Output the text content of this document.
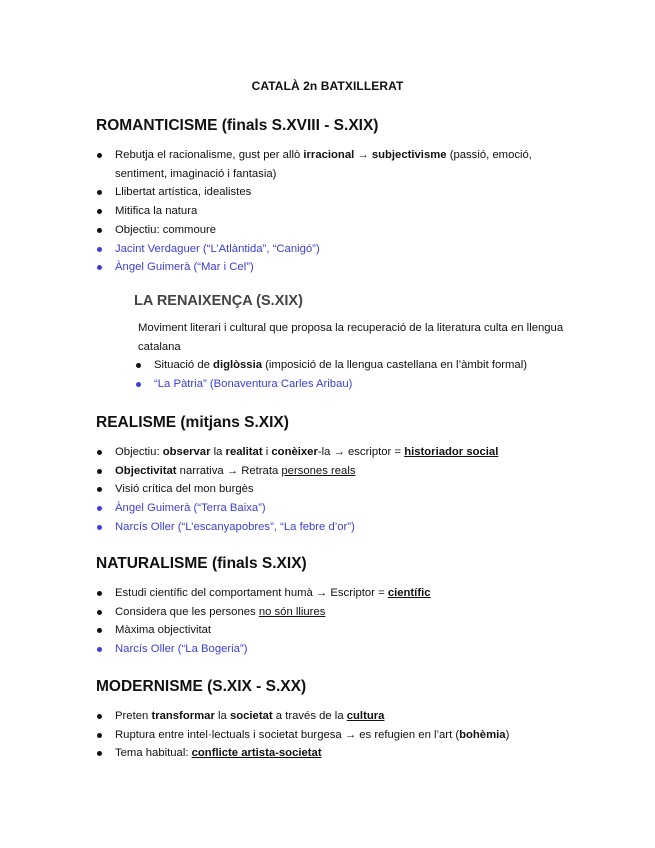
CATALÀ 2n BATXILLERAT
ROMANTICISME (finals S.XVIII - S.XIX)
Rebutja el racionalisme, gust per allò irracional → subjectivisme (passió, emoció, sentiment, imaginació i fantasia)
Llibertat artística, idealistes
Mitifica la natura
Objectiu: commoure
Jacint Verdaguer (“L’Atlàntida”, “Canigó”)
Àngel Guimerà (“Mar i Cel”)
LA RENAIXENÇA (S.XIX)

Moviment literari i cultural que proposa la recuperació de la literatura culta en llengua catalana

Situació de diglòssia (imposició de la llengua castellana en l’àmbit formal)
“La Pàtria” (Bonaventura Carles Aribau)
REALISME (mitjans S.XIX)
Objectiu: observar la realitat i conèixer-la → escriptor = historiador social
Objectivitat narrativa → Retrata persones reals
Visió crítica del mon burgès
Àngel Guimerà (“Terra Baixa”)
Narcís Oller (“L’escanyapobres”, “La febre d’or”)
NATURALISME (finals S.XIX)
Estudi científic del comportament humà → Escriptor = científic
Considera que les persones no són lliures
Màxima objectivitat
Narcís Oller (“La Bogeria”)
MODERNISME (S.XIX - S.XX)
Preten transformar la societat a través de la cultura
Ruptura entre intel·lectuals i societat burgesa → es refugien en l’art (bohèmia)
Tema habitual: conflicte artista-societat
